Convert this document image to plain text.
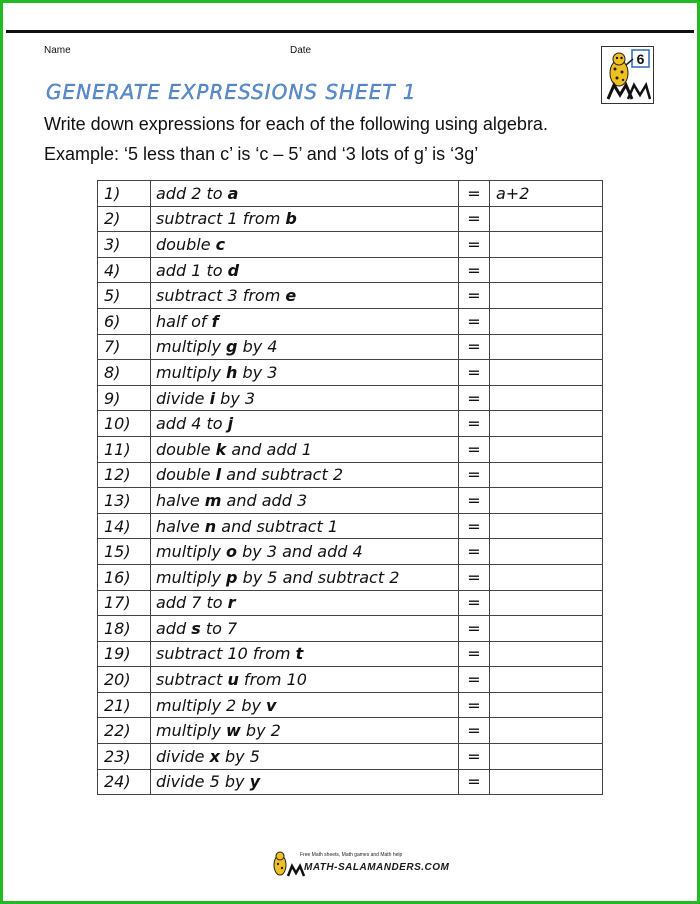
Name	Date
6
GENERATE EXPRESSIONS SHEET 1
Write down expressions for each of the following using algebra.
Example: ‘5 less than c’ is ‘c – 5’ and ‘3 lots of g’ is ‘3g’
1)	add 2 to a	=	a+2
2)	subtract 1 from b	=	
3)	double c	=	
4)	add 1 to d	=	
5)	subtract 3 from e	=	
6)	half of f	=	
7)	multiply g by 4	=	
8)	multiply h by 3	=	
9)	divide i by 3	=	
10)	add 4 to j	=	
11)	double k and add 1	=	
12)	double l and subtract 2	=	
13)	halve m and add 3	=	
14)	halve n and subtract 1	=	
15)	multiply o by 3 and add 4	=	
16)	multiply p by 5 and subtract 2	=	
17)	add 7 to r	=	
18)	add s to 7	=	
19)	subtract 10 from t	=	
20)	subtract u from 10	=	
21)	multiply 2 by v	=	
22)	multiply w by 2	=	
23)	divide x by 5	=	
24)	divide 5 by y	=	
Free Math sheets, Math games and Math help
MATH-SALAMANDERS.COM
